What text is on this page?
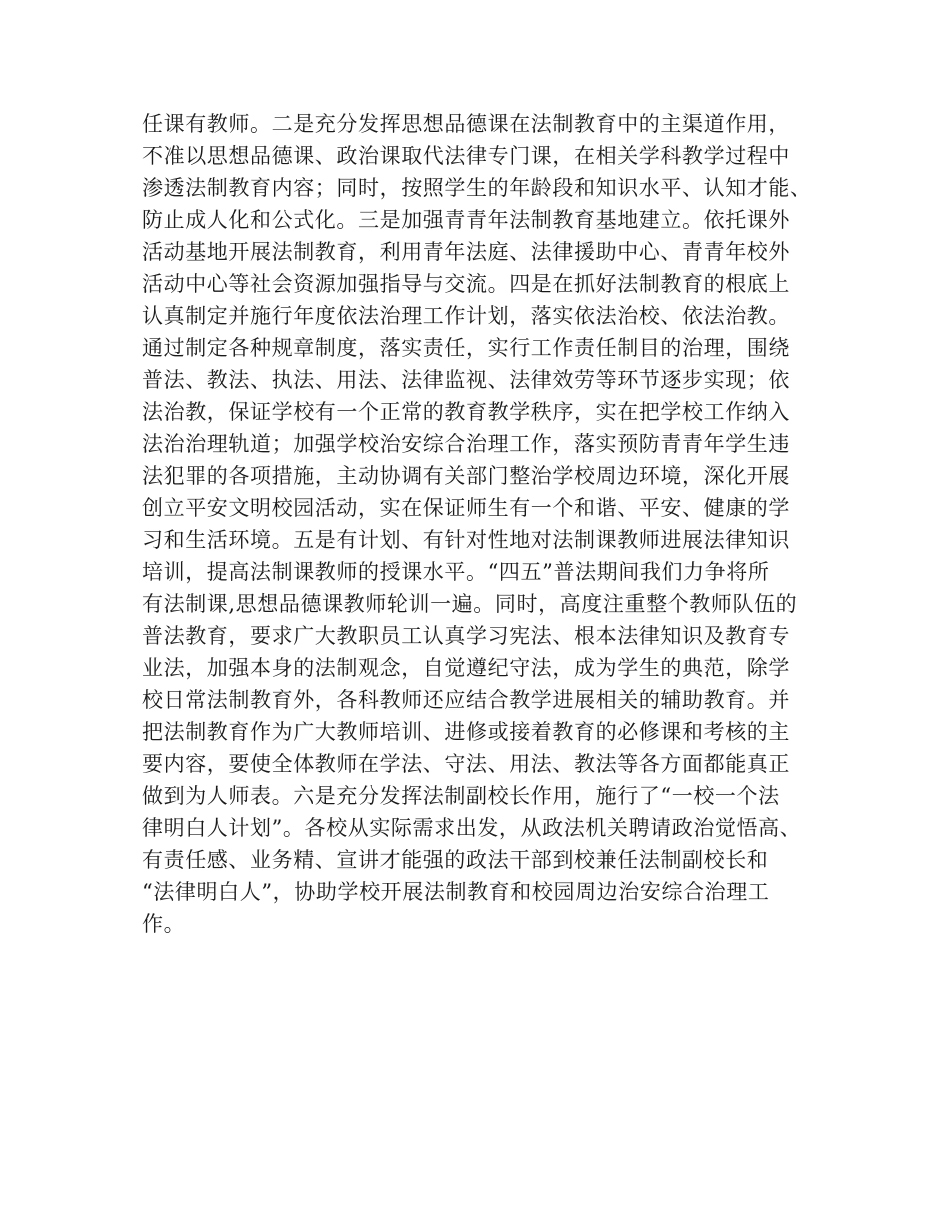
任课有教师。二是充分发挥思想品德课在法制教育中的主渠道作用，
不准以思想品德课、政治课取代法律专门课，在相关学科教学过程中
渗透法制教育内容；同时，按照学生的年龄段和知识水平、认知才能、
防止成人化和公式化。三是加强青青年法制教育基地建立。依托课外
活动基地开展法制教育，利用青年法庭、法律援助中心、青青年校外
活动中心等社会资源加强指导与交流。四是在抓好法制教育的根底上
认真制定并施行年度依法治理工作计划，落实依法治校、依法治教。
通过制定各种规章制度，落实责任，实行工作责任制目的治理，围绕
普法、教法、执法、用法、法律监视、法律效劳等环节逐步实现；依
法治教，保证学校有一个正常的教育教学秩序，实在把学校工作纳入
法治治理轨道；加强学校治安综合治理工作，落实预防青青年学生违
法犯罪的各项措施，主动协调有关部门整治学校周边环境，深化开展
创立平安文明校园活动，实在保证师生有一个和谐、平安、健康的学
习和生活环境。五是有计划、有针对性地对法制课教师进展法律知识
培训，提高法制课教师的授课水平。“四五”普法期间我们力争将所
有法制课,思想品德课教师轮训一遍。同时，高度注重整个教师队伍的
普法教育，要求广大教职员工认真学习宪法、根本法律知识及教育专
业法，加强本身的法制观念，自觉遵纪守法，成为学生的典范，除学
校日常法制教育外，各科教师还应结合教学进展相关的辅助教育。并
把法制教育作为广大教师培训、进修或接着教育的必修课和考核的主
要内容，要使全体教师在学法、守法、用法、教法等各方面都能真正
做到为人师表。六是充分发挥法制副校长作用，施行了“一校一个法
律明白人计划”。各校从实际需求出发，从政法机关聘请政治觉悟高、
有责任感、业务精、宣讲才能强的政法干部到校兼任法制副校长和
“法律明白人”，协助学校开展法制教育和校园周边治安综合治理工
作。
